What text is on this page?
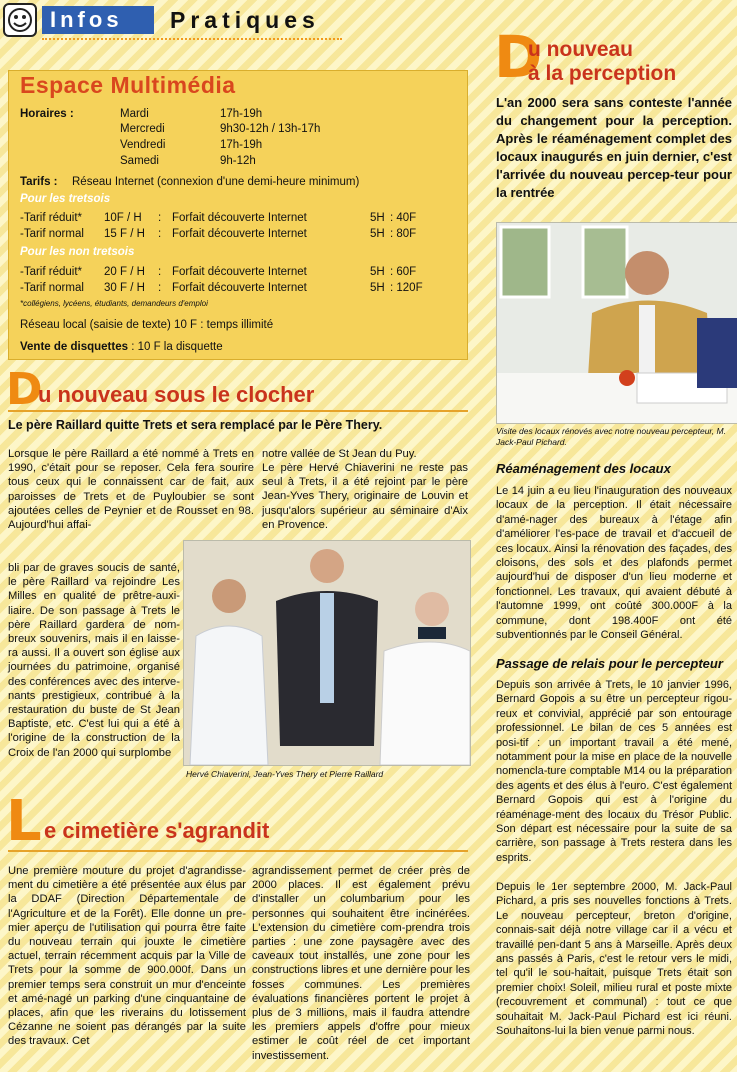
Infos	Pratiques
Espace Multimédia
Horaires :	Mardi	17h-19h
Mercredi	9h30-12h / 13h-17h
Vendredi	17h-19h
Samedi	9h-12h
Tarifs : Réseau Internet (connexion d'une demi-heure minimum)
Pour les tretsois
-Tarif réduit* 10F / H : Forfait découverte Internet	5H : 40F
-Tarif normal 15 F / H : Forfait découverte Internet	5H : 80F
Pour les non tretsois
-Tarif réduit* 20 F / H : Forfait découverte Internet	5H : 60F
-Tarif normal 30 F / H : Forfait découverte Internet	5H : 120F
*collégiens, lycéens, étudiants, demandeurs d'emploi
Réseau local (saisie de texte) 10 F : temps illimité
Vente de disquettes : 10 F la disquette
D
u nouveau sous le clocher
Le père Raillard quitte Trets et sera remplacé par le Père Thery.

Lorsque le père Raillard a été nommé à Trets en 1990, c'était pour se reposer. Cela fera sourire tous ceux qui le connaissent car de fait, aux paroisses de Trets et de Puyloubier se sont ajoutées celles de Peynier et de Rousset en 98. Aujourd'hui affai-

bli par de graves soucis de santé, le père Raillard va rejoindre Les Milles en qualité de prêtre-auxi-liaire. De son passage à Trets le père Raillard gardera de nom-breux souvenirs, mais il en laisse-ra aussi. Il a ouvert son église aux journées du patrimoine, organisé des conférences avec des interve-nants prestigieux, contribué à la restauration du buste de St Jean Baptiste, etc. C'est lui qui a été à l'origine de la construction de la Croix de l'an 2000 qui surplombe

notre vallée de St Jean du Puy.

Le père Hervé Chiaverini ne reste pas seul à Trets, il a été rejoint par le père Jean-Yves Thery, originaire de Louvin et jusqu'alors supérieur au séminaire d'Aix en Provence.

Hervé Chiaverini, Jean-Yves Thery et Pierre Raillard
L e cimetière s'agrandit

Une première mouture du projet d'agrandisse-ment du cimetière a été présentée aux élus par la DDAF (Direction Départementale de l'Agriculture et de la Forêt). Elle donne un pre-mier aperçu de l'utilisation qui pourra être faite du nouveau terrain qui jouxte le cimetière actuel, terrain récemment acquis par la Ville de Trets pour la somme de 900.000f. Dans un premier temps sera construit un mur d'enceinte et amé-nagé un parking d'une cinquantaine de places, afin que les riverains du lotissement Cézanne ne soient pas dérangés par la suite des travaux. Cet

agrandissement permet de créer près de 2000 places. Il est également prévu d'installer un columbarium pour les personnes qui souhaitent être incinérées. L'extension du cimetière com-prendra trois parties : une zone paysagère avec des caveaux tout installés, une zone pour les constructions libres et une dernière pour les fosses communes. Les premières évaluations financières portent le projet à plus de 3 millions, mais il faudra attendre les premiers appels d'offre pour mieux estimer le coût réel de cet important investissement.

D
u nouveau
à la perception

L'an 2000 sera sans conteste l'année du changement pour la perception. Après le réaménagement complet des locaux inaugurés en juin dernier, c'est l'arrivée du nouveau percep-teur pour la rentrée

Visite des locaux rénovés avec notre nouveau percepteur, M. Jack-Paul Pichard.
Réaménagement des locaux

Le 14 juin a eu lieu l'inauguration des nouveaux locaux de la perception. Il était nécessaire d'amé-nager des bureaux à l'étage afin d'améliorer l'es-pace de travail et d'accueil de ces locaux. Ainsi la rénovation des façades, des cloisons, des sols et des plafonds permet aujourd'hui de disposer d'un lieu moderne et fonctionnel. Les travaux, qui avaient débuté à l'automne 1999, ont coûté 300.000F à la commune, dont 198.400F ont été subventionnés par le Conseil Général.

Passage de relais pour le percepteur

Depuis son arrivée à Trets, le 10 janvier 1996, Bernard Gopois a su être un percepteur rigou-reux et convivial, apprécié par son entourage professionnel. Le bilan de ces 5 années est posi-tif : un important travail a été mené, notamment pour la mise en place de la nouvelle nomencla-ture comptable M14 ou la préparation des agents et des élus à l'euro. C'est également Bernard Gopois qui est à l'origine du réaménage-ment des locaux du Trésor Public. Son départ est nécessaire pour la suite de sa carrière, son passage à Trets restera dans les esprits.

Depuis le 1er septembre 2000, M. Jack-Paul Pichard, a pris ses nouvelles fonctions à Trets. Le nouveau percepteur, breton d'origine, connais-sait déjà notre village car il a vécu et travaillé pen-dant 5 ans à Marseille. Après deux ans passés à Paris, c'est le retour vers le midi, tel qu'il le sou-haitait, puisque Trets était son premier choix! Soleil, milieu rural et poste mixte (recouvrement et communal) : tout ce que souhaitait M. Jack-Paul Pichard est ici réuni. Souhaitons-lui la bien venue parmi nous.
